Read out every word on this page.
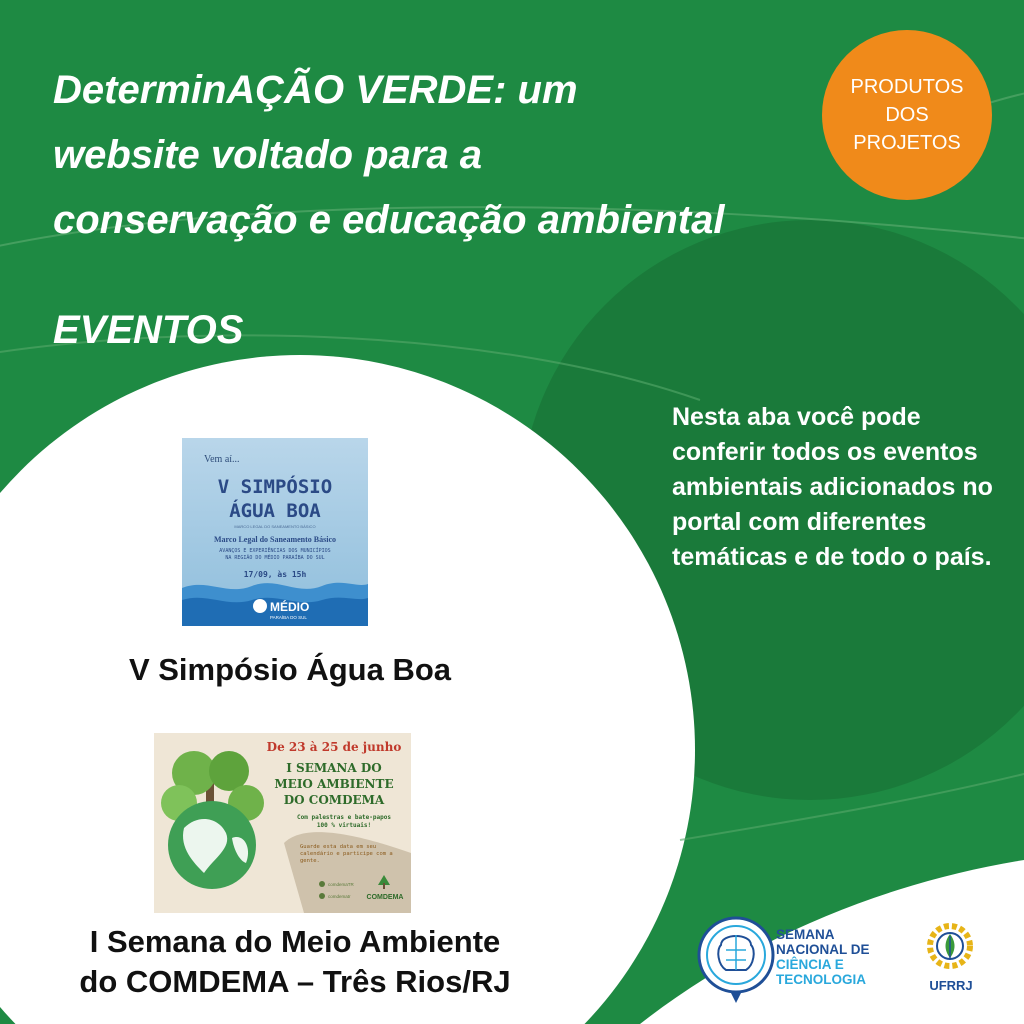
DeterminAÇÃO VERDE: um
website voltado para a
conservação e educação ambiental
EVENTOS
PRODUTOS
DOS
PROJETOS

Nesta aba você pode conferir todos os eventos ambientais adicionados no portal com diferentes temáticas e de todo o país.

Vem aí...
V SIMPÓSIO
ÁGUA BOA
MARCO LEGAL DO SANEAMENTO BÁSICO
Marco Legal do Saneamento Básico
AVANÇOS E EXPERIÊNCIAS DOS MUNICÍPIOS
NA REGIÃO DO MÉDIO PARAÍBA DO SUL
17/09, às 15h
MÉDIO
PARAÍBA DO SUL

V Simpósio Água Boa

De 23 à 25 de junho
I SEMANA DO
MEIO AMBIENTE
DO COMDEMA
Com palestras e bate-papos
100 % virtuais!
Guarde esta data em seu
calendário e participe com a
gente.
comdemaTR
comdematr COMDEMA

I Semana do Meio Ambiente
do COMDEMA – Três Rios/RJ

SEMANA
NACIONAL DE
CIÊNCIA E
TECNOLOGIA	UFRRJ
